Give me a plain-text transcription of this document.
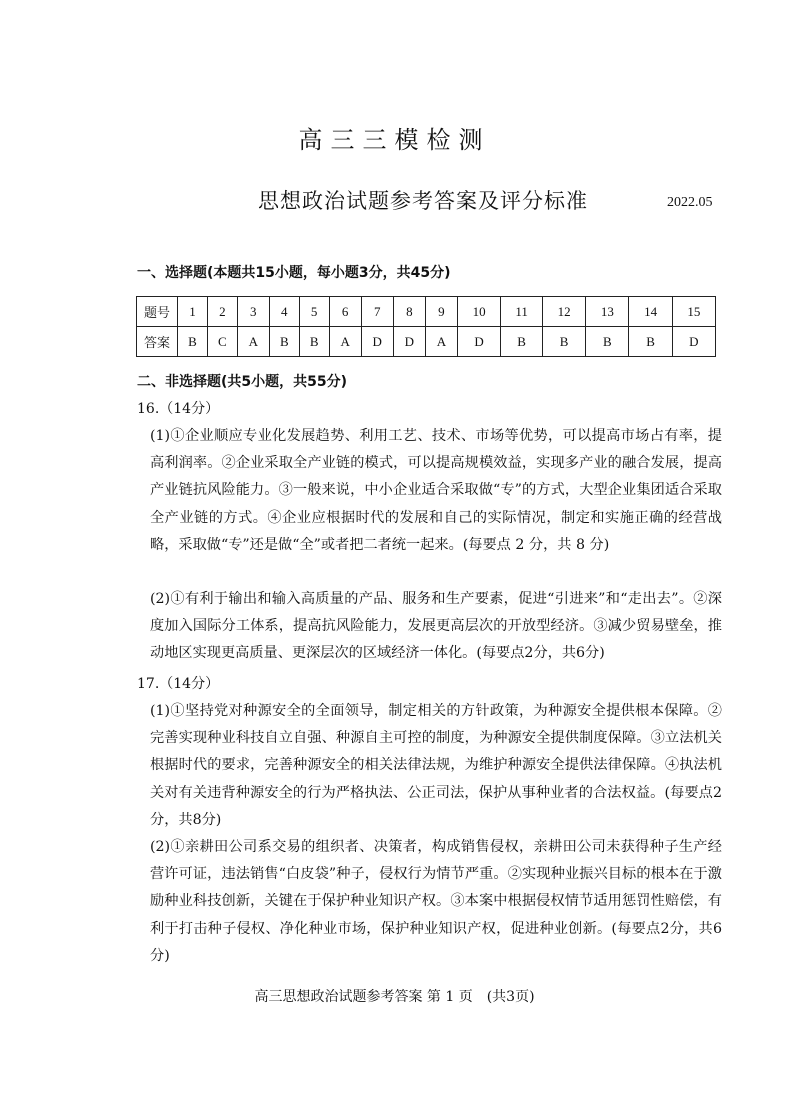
高三三模检测
思想政治试题参考答案及评分标准	2022.05
一、选择题(本题共15小题，每小题3分，共45分)
题号	1	2	3	4	5	6	7	8	9	10	11	12	13	14	15
答案	B	C	A	B	B	A	D	D	A	D	B	B	B	B	D
二、非选择题(共5小题，共55分)
16.（14分）
(1)①企业顺应专业化发展趋势、利用工艺、技术、市场等优势，可以提高市场占有率，提高利润率。②企业采取全产业链的模式，可以提高规模效益，实现多产业的融合发展，提高产业链抗风险能力。③一般来说，中小企业适合采取做“专”的方式，大型企业集团适合采取全产业链的方式。④企业应根据时代的发展和自己的实际情况，制定和实施正确的经营战略，采取做“专”还是做“全”或者把二者统一起来。(每要点 2 分，共 8 分)
(2)①有利于输出和输入高质量的产品、服务和生产要素，促进“引进来”和“走出去”。②深度加入国际分工体系，提高抗风险能力，发展更高层次的开放型经济。③减少贸易壁垒，推动地区实现更高质量、更深层次的区域经济一体化。(每要点2分，共6分)
17.（14分）
(1)①坚持党对种源安全的全面领导，制定相关的方针政策，为种源安全提供根本保障。②完善实现种业科技自立自强、种源自主可控的制度，为种源安全提供制度保障。③立法机关根据时代的要求，完善种源安全的相关法律法规，为维护种源安全提供法律保障。④执法机关对有关违背种源安全的行为严格执法、公正司法，保护从事种业者的合法权益。(每要点2分，共8分)
(2)①亲耕田公司系交易的组织者、决策者，构成销售侵权，亲耕田公司未获得种子生产经营许可证，违法销售“白皮袋”种子，侵权行为情节严重。②实现种业振兴目标的根本在于激励种业科技创新，关键在于保护种业知识产权。③本案中根据侵权情节适用惩罚性赔偿，有利于打击种子侵权、净化种业市场，保护种业知识产权，促进种业创新。(每要点2分，共6分)
高三思想政治试题参考答案 第 1 页　(共3页)
